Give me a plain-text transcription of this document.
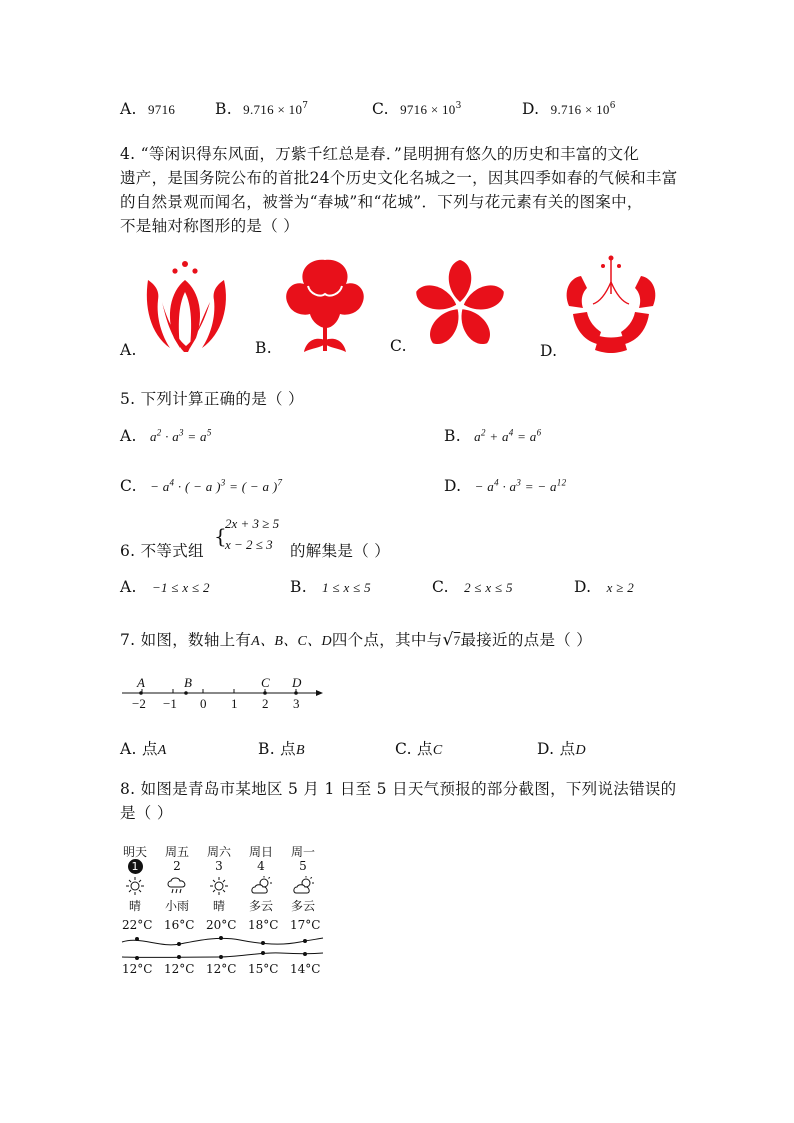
A. 9716	B. $9.716 \times 10^7$	C. $9716 \times 10^3$	D. $9.716 \times 10^6$
4. “等闲识得东风面，万紫千红总是春．”昆明拥有悠久的历史和丰富的文化
遗产，是国务院公布的首批24个历史文化名城之一，因其四季如春的气候和丰富
的自然景观而闻名，被誉为“春城”和“花城”．下列与花元素有关的图案中，
不是轴对称图形的是（ ）
A.	B.	C.	D.
5. 下列计算正确的是（ ）
A. $a^2 \cdot a^3 = a^5$	B. $a^2 + a^4 = a^6$
C. − $a^4$ · ( − a )$^3$ = ( − a )$^7$	D. − $a^4 \cdot a^3$ = − $a^{12}$
6. 不等式组
{
2x + 3 ≥ 5
x − 2 ≤ 3 的解集是（ ）
A. −1 ≤ x ≤ 2	B. 1 ≤ x ≤ 5	C. 2 ≤ x ≤ 5	D. x ≥ 2
7. 如图，数轴上有A、B、C、D四个点，其中与√7最接近的点是（ ）
A	B	C D
−2 −1 0 1 2 3
A. 点A	B. 点B	C. 点C	D. 点D
8. 如图是青岛市某地区 5 月 1 日至 5 日天气预报的部分截图，下列说法错误的
是（ ）
明天	周五	周六	周日	周一
1	2	3	4	5
晴	小雨	晴	多云	多云
22°C 16°C 20°C 18°C 17°C
12°C 12°C 12°C 15°C 14°C
